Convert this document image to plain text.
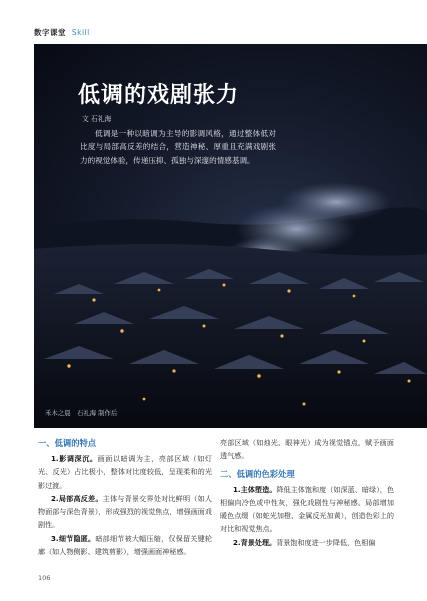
数字课堂 Skill
低调的戏剧张力
文 石礼海

低调是一种以暗调为主导的影调风格，通过整体低对比度与局部高反差的结合，营造神秘、厚重且充满戏剧张力的视觉体验，传递压抑、孤独与深邃的情感基调。

禾木之晨　石礼海 制作后

一、低调的特点

1.影调深沉。画面以暗调为主，亮部区域（如灯光、反光）占比极小，整体对比度较低，呈现柔和的光影过渡。

2.局部高反差。主体与背景交界处对比鲜明（如人物面部与深色背景），形成强烈的视觉焦点，增强画面戏剧性。

3.细节隐匿。暗部细节被大幅压缩，仅保留关键轮廓（如人物侧影、建筑剪影），增强画面神秘感。

亮部区域（如烛光、眼神光）成为视觉锚点，赋予画面透气感。

二、低调的色彩处理

1.主体塑造。降低主体饱和度（如深蓝、暗绿），色相偏向冷色或中性灰，强化戏剧性与神秘感。局部增加暖色点缀（如蛇光加橙、金属反光加黄），创造色彩上的对比和视觉焦点。

2.背景处理。背景饱和度进一步降低，色相偏

106
